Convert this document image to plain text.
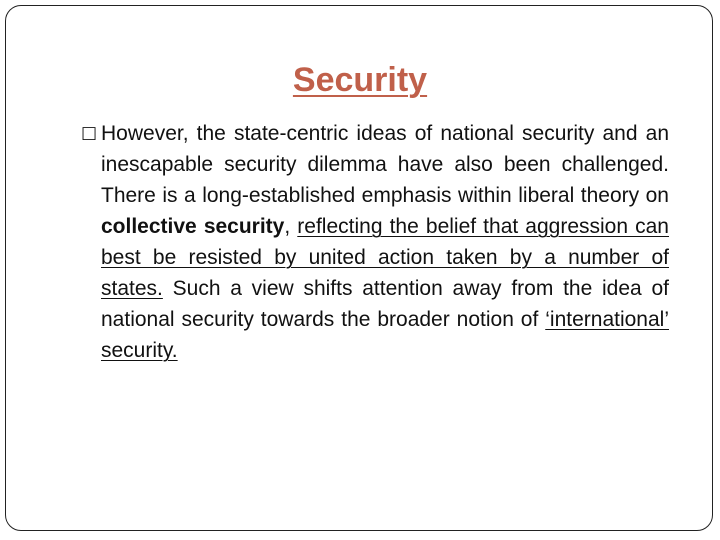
Security

□ However, the state-centric ideas of national security and an inescapable security dilemma have also been challenged. There is a long-established emphasis within liberal theory on collective security, reflecting the belief that aggression can best be resisted by united action taken by a number of states. Such a view shifts attention away from the idea of national security towards the broader notion of ‘international’ security.
